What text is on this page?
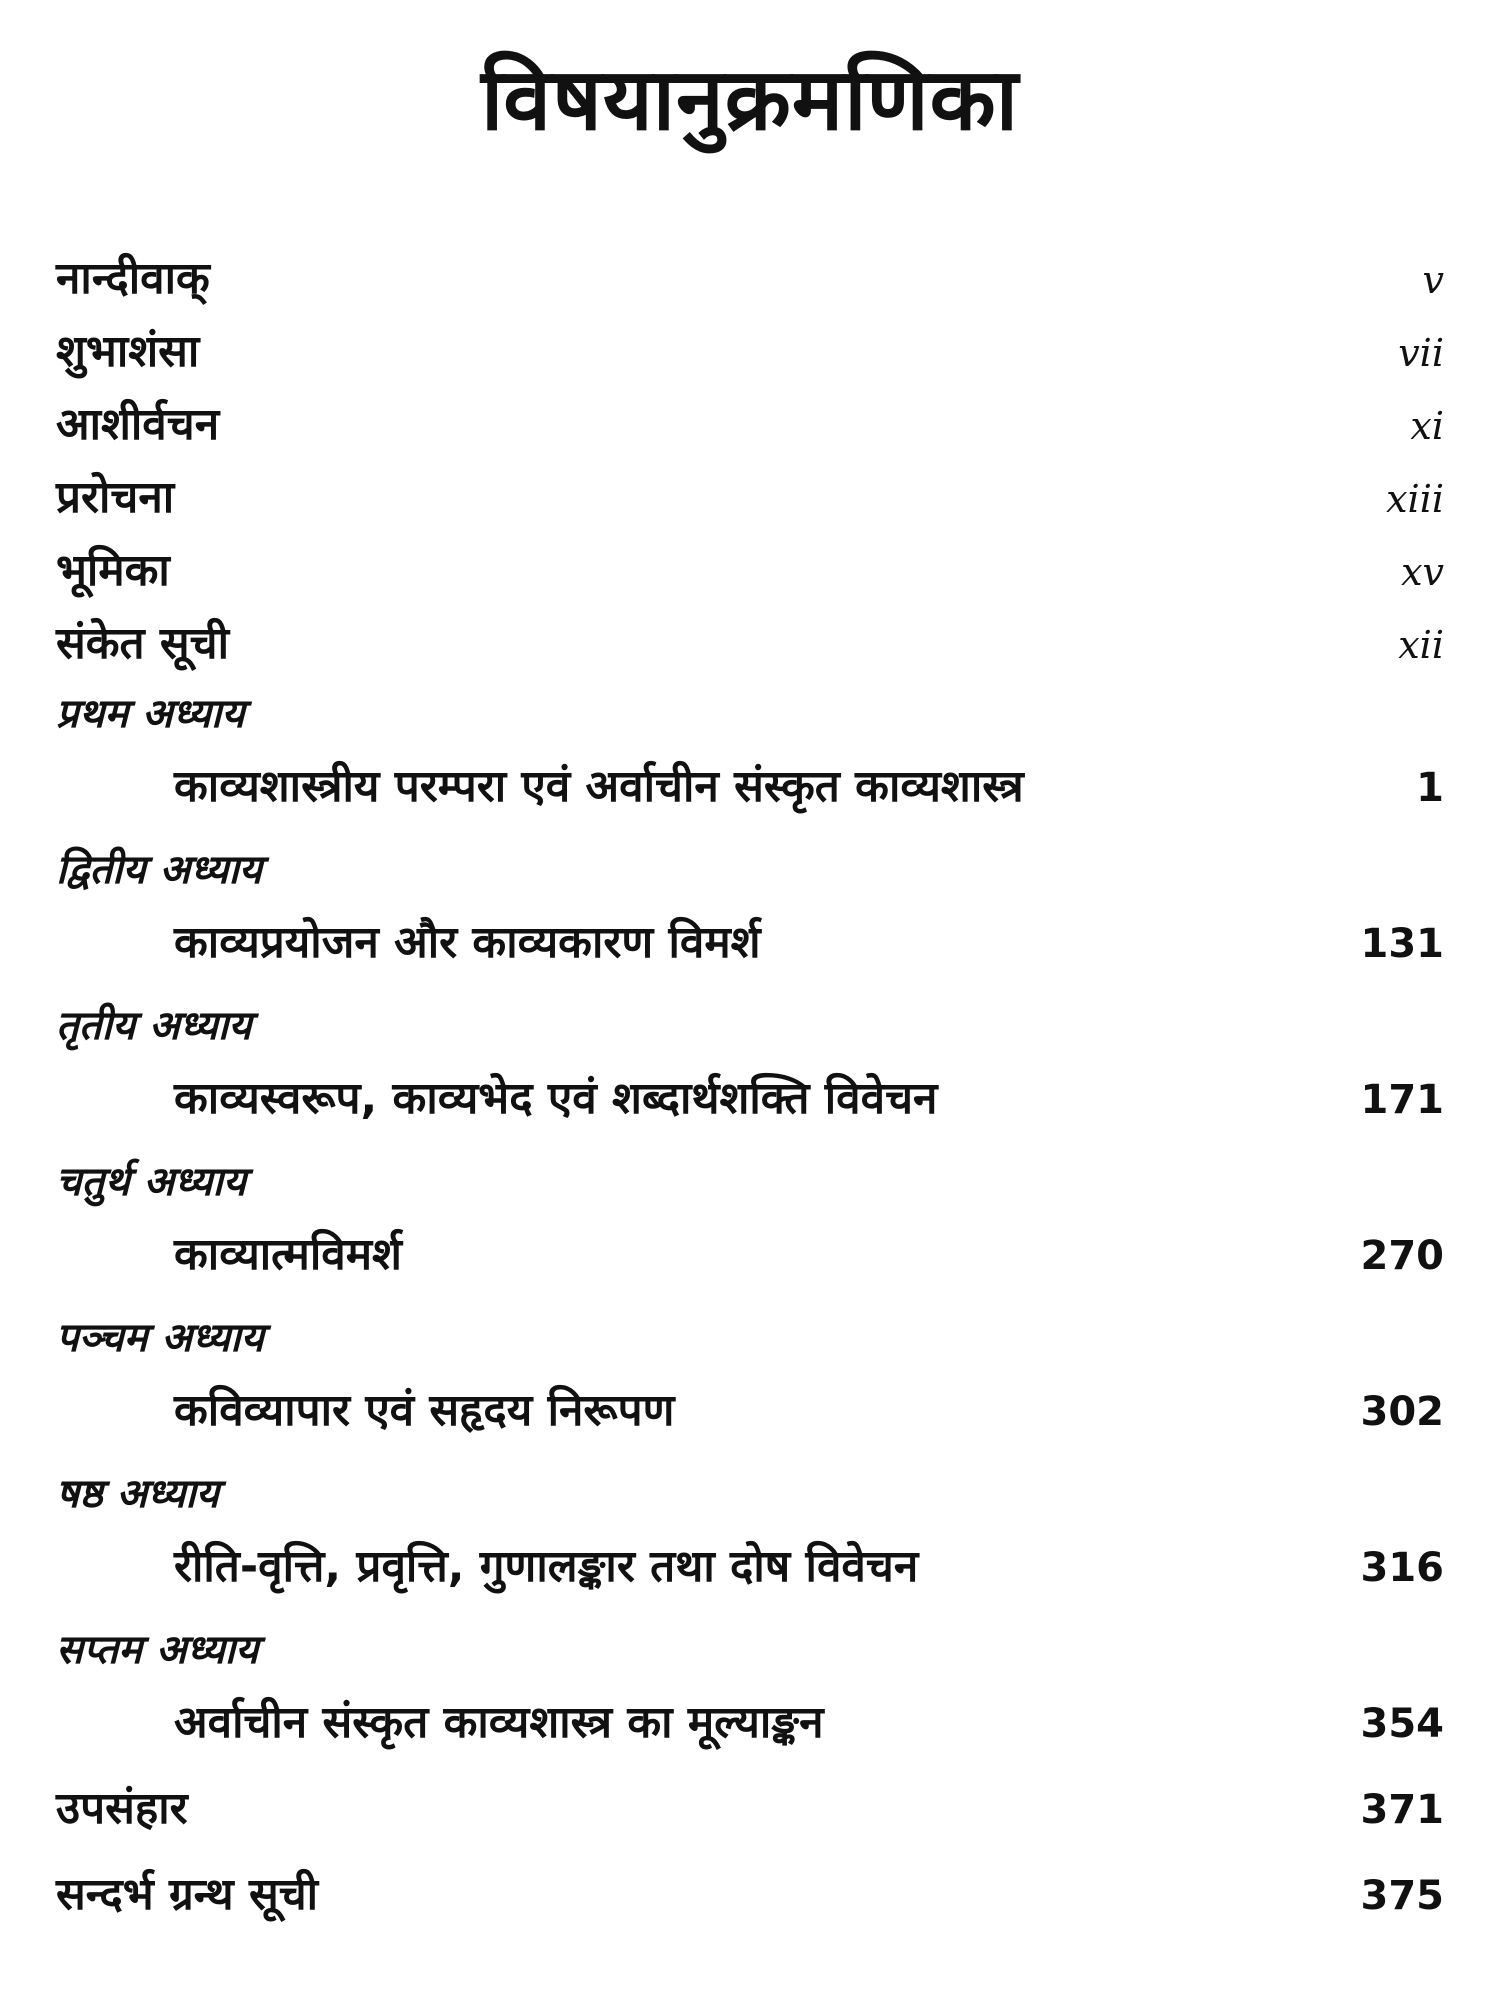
विषयानुक्रमणिका
नान्दीवाक्	v
शुभाशंसा	vii
आशीर्वचन	xi
प्ररोचना	xiii
भूमिका	xv
संकेत सूची	xii
प्रथम अध्याय
काव्यशास्त्रीय परम्परा एवं अर्वाचीन संस्कृत काव्यशास्त्र	1
द्वितीय अध्याय
काव्यप्रयोजन और काव्यकारण विमर्श	131
तृतीय अध्याय
काव्यस्वरूप, काव्यभेद एवं शब्दार्थशक्ति विवेचन	171
चतुर्थ अध्याय
काव्यात्मविमर्श	270
पञ्चम अध्याय
कविव्यापार एवं सहृदय निरूपण	302
षष्ठ अध्याय
रीति-वृत्ति, प्रवृत्ति, गुणालङ्कार तथा दोष विवेचन	316
सप्तम अध्याय
अर्वाचीन संस्कृत काव्यशास्त्र का मूल्याङ्कन	354
उपसंहार	371
सन्दर्भ ग्रन्थ सूची	375
